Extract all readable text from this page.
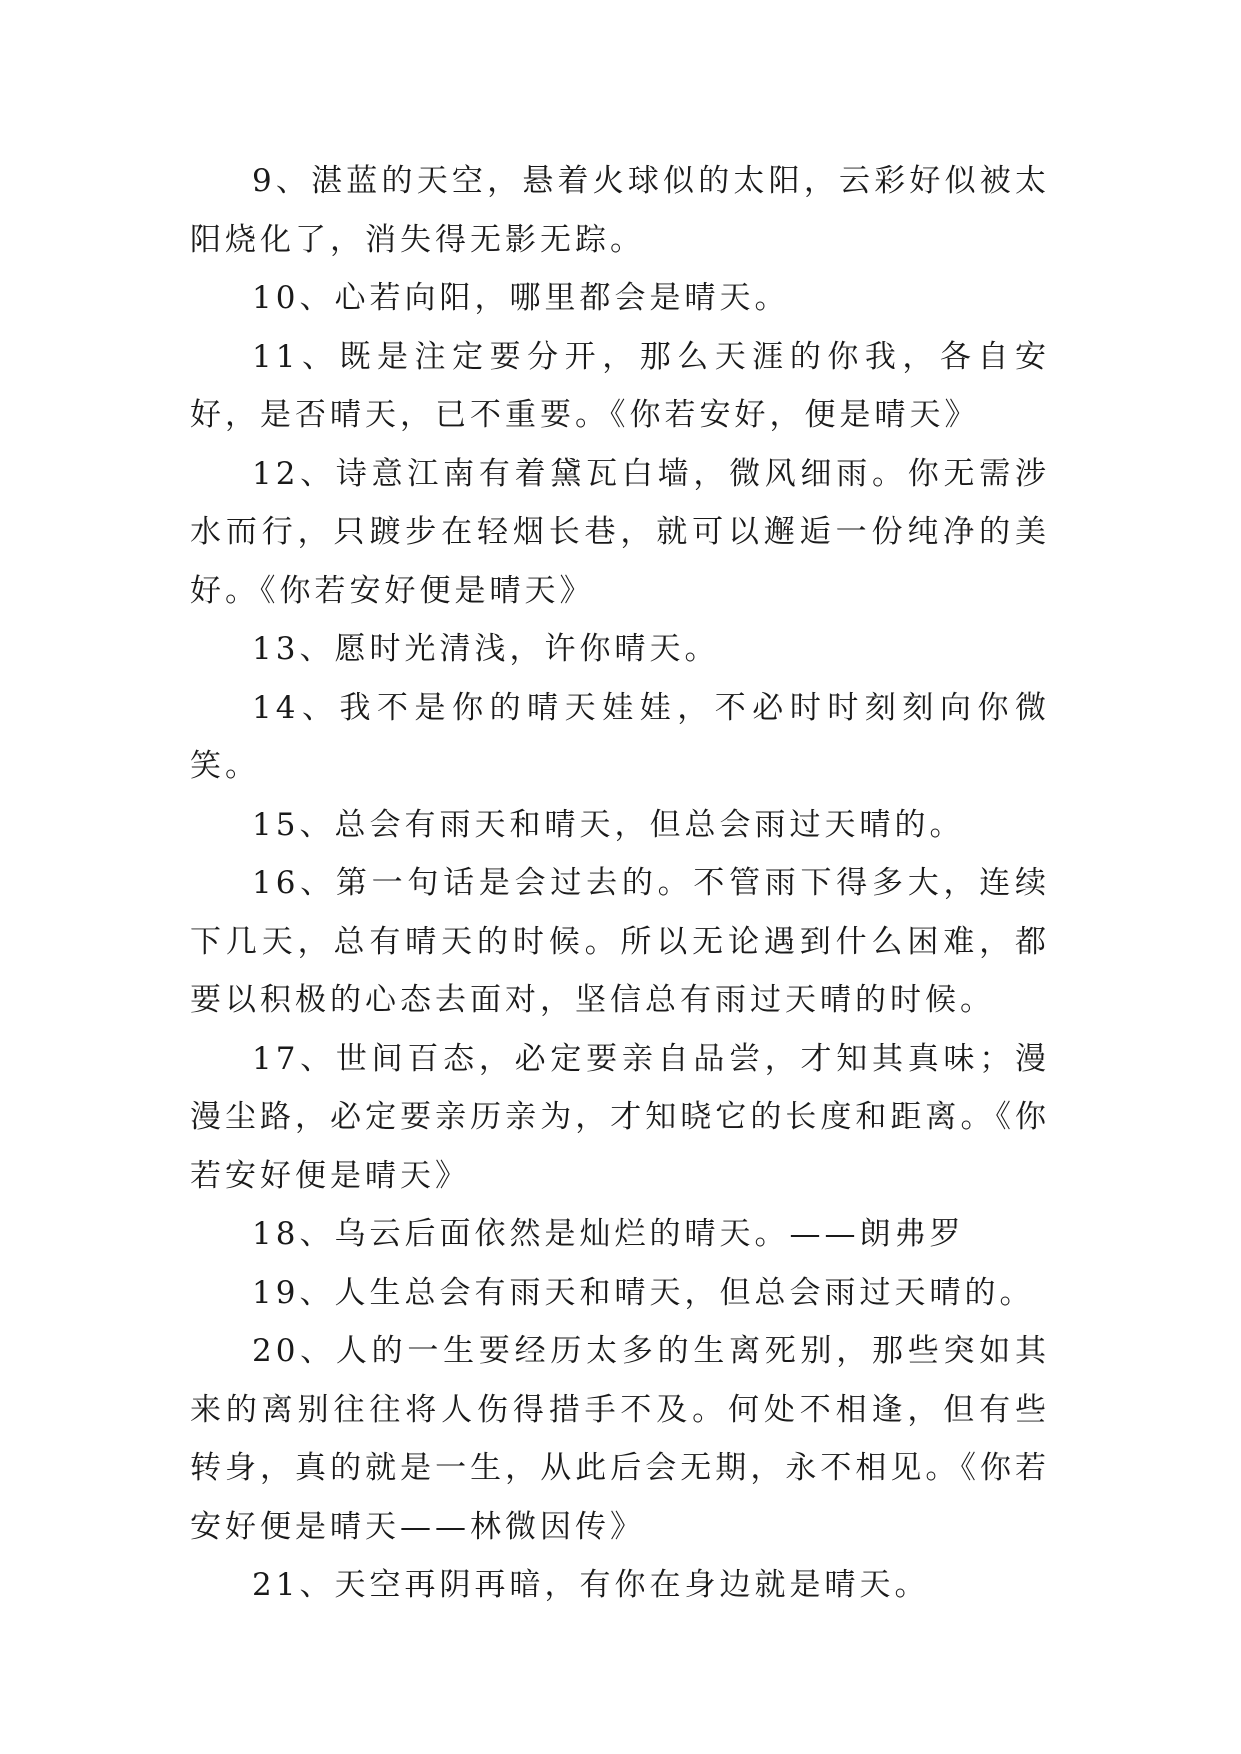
9、湛蓝的天空，悬着火球似的太阳，云彩好似被太阳烧化了，消失得无影无踪。

10、心若向阳，哪里都会是晴天。

11、既是注定要分开，那么天涯的你我，各自安好，是否晴天，已不重要。《你若安好，便是晴天》

12、诗意江南有着黛瓦白墙，微风细雨。你无需涉水而行，只踱步在轻烟长巷，就可以邂逅一份纯净的美好。《你若安好便是晴天》

13、愿时光清浅，许你晴天。

14、我不是你的晴天娃娃，不必时时刻刻向你微笑。

15、总会有雨天和晴天，但总会雨过天晴的。

16、第一句话是会过去的。不管雨下得多大，连续下几天，总有晴天的时候。所以无论遇到什么困难，都要以积极的心态去面对，坚信总有雨过天晴的时候。

17、世间百态，必定要亲自品尝，才知其真味；漫漫尘路，必定要亲历亲为，才知晓它的长度和距离。《你若安好便是晴天》

18、乌云后面依然是灿烂的晴天。——朗弗罗

19、人生总会有雨天和晴天，但总会雨过天晴的。

20、人的一生要经历太多的生离死别，那些突如其来的离别往往将人伤得措手不及。何处不相逢，但有些转身，真的就是一生，从此后会无期，永不相见。《你若安好便是晴天——林微因传》

21、天空再阴再暗，有你在身边就是晴天。
